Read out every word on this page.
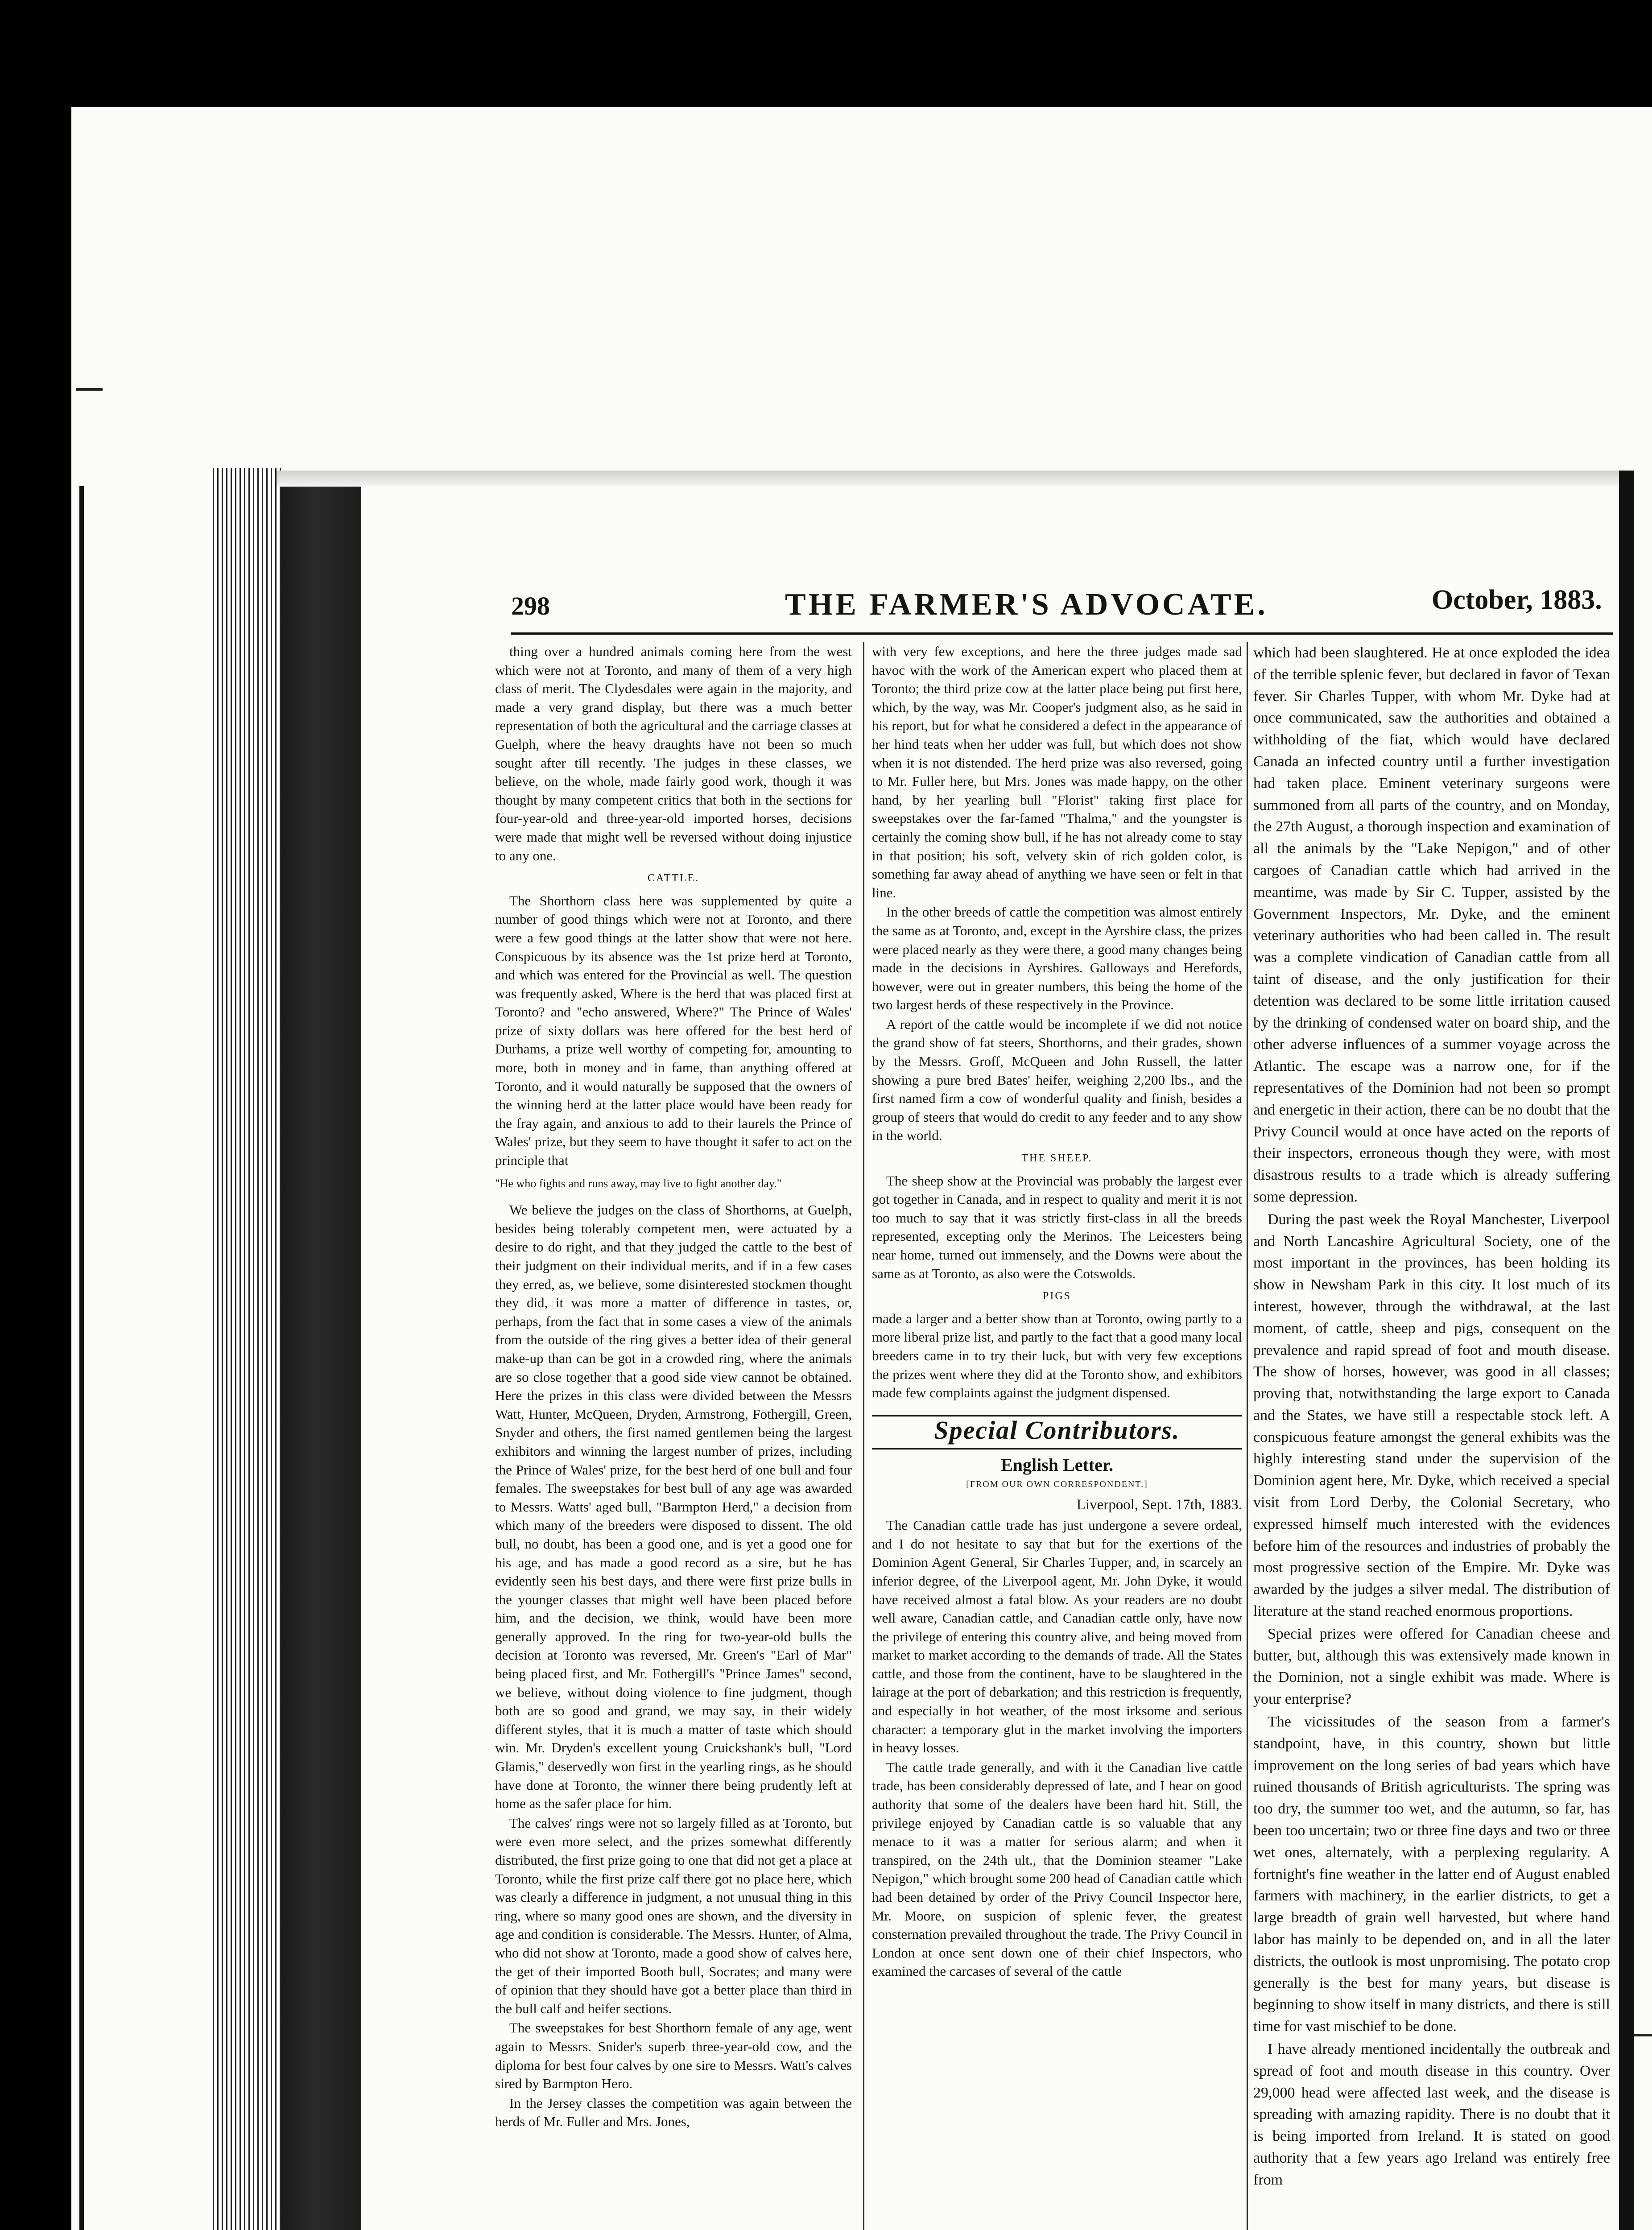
298	THE FARMER'S ADVOCATE.	October, 1883.

thing over a hundred animals coming here from the west which were not at Toronto, and many of them of a very high class of merit. The Clydesdales were again in the majority, and made a very grand display, but there was a much better representation of both the agricultural and the carriage classes at Guelph, where the heavy draughts have not been so much sought after till recently. The judges in these classes, we believe, on the whole, made fairly good work, though it was thought by many competent critics that both in the sections for four-year-old and three-year-old imported horses, decisions were made that might well be reversed without doing injustice to any one.

CATTLE.

The Shorthorn class here was supplemented by quite a number of good things which were not at Toronto, and there were a few good things at the latter show that were not here. Conspicuous by its absence was the 1st prize herd at Toronto, and which was entered for the Provincial as well. The question was frequently asked, Where is the herd that was placed first at Toronto? and "echo answered, Where?" The Prince of Wales' prize of sixty dollars was here offered for the best herd of Durhams, a prize well worthy of competing for, amounting to more, both in money and in fame, than anything offered at Toronto, and it would naturally be supposed that the owners of the winning herd at the latter place would have been ready for the fray again, and anxious to add to their laurels the Prince of Wales' prize, but they seem to have thought it safer to act on the principle that

"He who fights and runs away, may live to fight another day."

We believe the judges on the class of Shorthorns, at Guelph, besides being tolerably competent men, were actuated by a desire to do right, and that they judged the cattle to the best of their judgment on their individual merits, and if in a few cases they erred, as, we believe, some disinterested stockmen thought they did, it was more a matter of difference in tastes, or, perhaps, from the fact that in some cases a view of the animals from the outside of the ring gives a better idea of their general make-up than can be got in a crowded ring, where the animals are so close together that a good side view cannot be obtained. Here the prizes in this class were divided between the Messrs Watt, Hunter, McQueen, Dryden, Armstrong, Fothergill, Green, Snyder and others, the first named gentlemen being the largest exhibitors and winning the largest number of prizes, including the Prince of Wales' prize, for the best herd of one bull and four females. The sweepstakes for best bull of any age was awarded to Messrs. Watts' aged bull, "Barmpton Herd," a decision from which many of the breeders were disposed to dissent. The old bull, no doubt, has been a good one, and is yet a good one for his age, and has made a good record as a sire, but he has evidently seen his best days, and there were first prize bulls in the younger classes that might well have been placed before him, and the decision, we think, would have been more generally approved. In the ring for two-year-old bulls the decision at Toronto was reversed, Mr. Green's "Earl of Mar" being placed first, and Mr. Fothergill's "Prince James" second, we believe, without doing violence to fine judgment, though both are so good and grand, we may say, in their widely different styles, that it is much a matter of taste which should win. Mr. Dryden's excellent young Cruickshank's bull, "Lord Glamis," deservedly won first in the yearling rings, as he should have done at Toronto, the winner there being prudently left at home as the safer place for him.

The calves' rings were not so largely filled as at Toronto, but were even more select, and the prizes somewhat differently distributed, the first prize going to one that did not get a place at Toronto, while the first prize calf there got no place here, which was clearly a difference in judgment, a not unusual thing in this ring, where so many good ones are shown, and the diversity in age and condition is considerable. The Messrs. Hunter, of Alma, who did not show at Toronto, made a good show of calves here, the get of their imported Booth bull, Socrates; and many were of opinion that they should have got a better place than third in the bull calf and heifer sections.

The sweepstakes for best Shorthorn female of any age, went again to Messrs. Snider's superb three-year-old cow, and the diploma for best four calves by one sire to Messrs. Watt's calves sired by Barmpton Hero.

In the Jersey classes the competition was again between the herds of Mr. Fuller and Mrs. Jones,

with very few exceptions, and here the three judges made sad havoc with the work of the American expert who placed them at Toronto; the third prize cow at the latter place being put first here, which, by the way, was Mr. Cooper's judgment also, as he said in his report, but for what he considered a defect in the appearance of her hind teats when her udder was full, but which does not show when it is not distended. The herd prize was also reversed, going to Mr. Fuller here, but Mrs. Jones was made happy, on the other hand, by her yearling bull "Florist" taking first place for sweepstakes over the far-famed "Thalma," and the youngster is certainly the coming show bull, if he has not already come to stay in that position; his soft, velvety skin of rich golden color, is something far away ahead of anything we have seen or felt in that line.

In the other breeds of cattle the competition was almost entirely the same as at Toronto, and, except in the Ayrshire class, the prizes were placed nearly as they were there, a good many changes being made in the decisions in Ayrshires. Galloways and Herefords, however, were out in greater numbers, this being the home of the two largest herds of these respectively in the Province.

A report of the cattle would be incomplete if we did not notice the grand show of fat steers, Shorthorns, and their grades, shown by the Messrs. Groff, McQueen and John Russell, the latter showing a pure bred Bates' heifer, weighing 2,200 lbs., and the first named firm a cow of wonderful quality and finish, besides a group of steers that would do credit to any feeder and to any show in the world.

THE SHEEP.

The sheep show at the Provincial was probably the largest ever got together in Canada, and in respect to quality and merit it is not too much to say that it was strictly first-class in all the breeds represented, excepting only the Merinos. The Leicesters being near home, turned out immensely, and the Downs were about the same as at Toronto, as also were the Cotswolds.

PIGS

made a larger and a better show than at Toronto, owing partly to a more liberal prize list, and partly to the fact that a good many local breeders came in to try their luck, but with very few exceptions the prizes went where they did at the Toronto show, and exhibitors made few complaints against the judgment dispensed.

Special Contributors.
English Letter.
[FROM OUR OWN CORRESPONDENT.]
Liverpool, Sept. 17th, 1883.

The Canadian cattle trade has just undergone a severe ordeal, and I do not hesitate to say that but for the exertions of the Dominion Agent General, Sir Charles Tupper, and, in scarcely an inferior degree, of the Liverpool agent, Mr. John Dyke, it would have received almost a fatal blow. As your readers are no doubt well aware, Canadian cattle, and Canadian cattle only, have now the privilege of entering this country alive, and being moved from market to market according to the demands of trade. All the States cattle, and those from the continent, have to be slaughtered in the lairage at the port of debarkation; and this restriction is frequently, and especially in hot weather, of the most irksome and serious character: a temporary glut in the market involving the importers in heavy losses.

The cattle trade generally, and with it the Canadian live cattle trade, has been considerably depressed of late, and I hear on good authority that some of the dealers have been hard hit. Still, the privilege enjoyed by Canadian cattle is so valuable that any menace to it was a matter for serious alarm; and when it transpired, on the 24th ult., that the Dominion steamer "Lake Nepigon," which brought some 200 head of Canadian cattle which had been detained by order of the Privy Council Inspector here, Mr. Moore, on suspicion of splenic fever, the greatest consternation prevailed throughout the trade. The Privy Council in London at once sent down one of their chief Inspectors, who examined the carcases of several of the cattle

which had been slaughtered. He at once exploded the idea of the terrible splenic fever, but declared in favor of Texan fever. Sir Charles Tupper, with whom Mr. Dyke had at once communicated, saw the authorities and obtained a withholding of the fiat, which would have declared Canada an infected country until a further investigation had taken place. Eminent veterinary surgeons were summoned from all parts of the country, and on Monday, the 27th August, a thorough inspection and examination of all the animals by the "Lake Nepigon," and of other cargoes of Canadian cattle which had arrived in the meantime, was made by Sir C. Tupper, assisted by the Government Inspectors, Mr. Dyke, and the eminent veterinary authorities who had been called in. The result was a complete vindication of Canadian cattle from all taint of disease, and the only justification for their detention was declared to be some little irritation caused by the drinking of condensed water on board ship, and the other adverse influences of a summer voyage across the Atlantic. The escape was a narrow one, for if the representatives of the Dominion had not been so prompt and energetic in their action, there can be no doubt that the Privy Council would at once have acted on the reports of their inspectors, erroneous though they were, with most disastrous results to a trade which is already suffering some depression.

During the past week the Royal Manchester, Liverpool and North Lancashire Agricultural Society, one of the most important in the provinces, has been holding its show in Newsham Park in this city. It lost much of its interest, however, through the withdrawal, at the last moment, of cattle, sheep and pigs, consequent on the prevalence and rapid spread of foot and mouth disease. The show of horses, however, was good in all classes; proving that, notwithstanding the large export to Canada and the States, we have still a respectable stock left. A conspicuous feature amongst the general exhibits was the highly interesting stand under the supervision of the Dominion agent here, Mr. Dyke, which received a special visit from Lord Derby, the Colonial Secretary, who expressed himself much interested with the evidences before him of the resources and industries of probably the most progressive section of the Empire. Mr. Dyke was awarded by the judges a silver medal. The distribution of literature at the stand reached enormous proportions.

Special prizes were offered for Canadian cheese and butter, but, although this was extensively made known in the Dominion, not a single exhibit was made. Where is your enterprise?

The vicissitudes of the season from a farmer's standpoint, have, in this country, shown but little improvement on the long series of bad years which have ruined thousands of British agriculturists. The spring was too dry, the summer too wet, and the autumn, so far, has been too uncertain; two or three fine days and two or three wet ones, alternately, with a perplexing regularity. A fortnight's fine weather in the latter end of August enabled farmers with machinery, in the earlier districts, to get a large breadth of grain well harvested, but where hand labor has mainly to be depended on, and in all the later districts, the outlook is most unpromising. The potato crop generally is the best for many years, but disease is beginning to show itself in many districts, and there is still time for vast mischief to be done.

I have already mentioned incidentally the outbreak and spread of foot and mouth disease in this country. Over 29,000 head were affected last week, and the disease is spreading with amazing rapidity. There is no doubt that it is being imported from Ireland. It is stated on good authority that a few years ago Ireland was entirely free from
